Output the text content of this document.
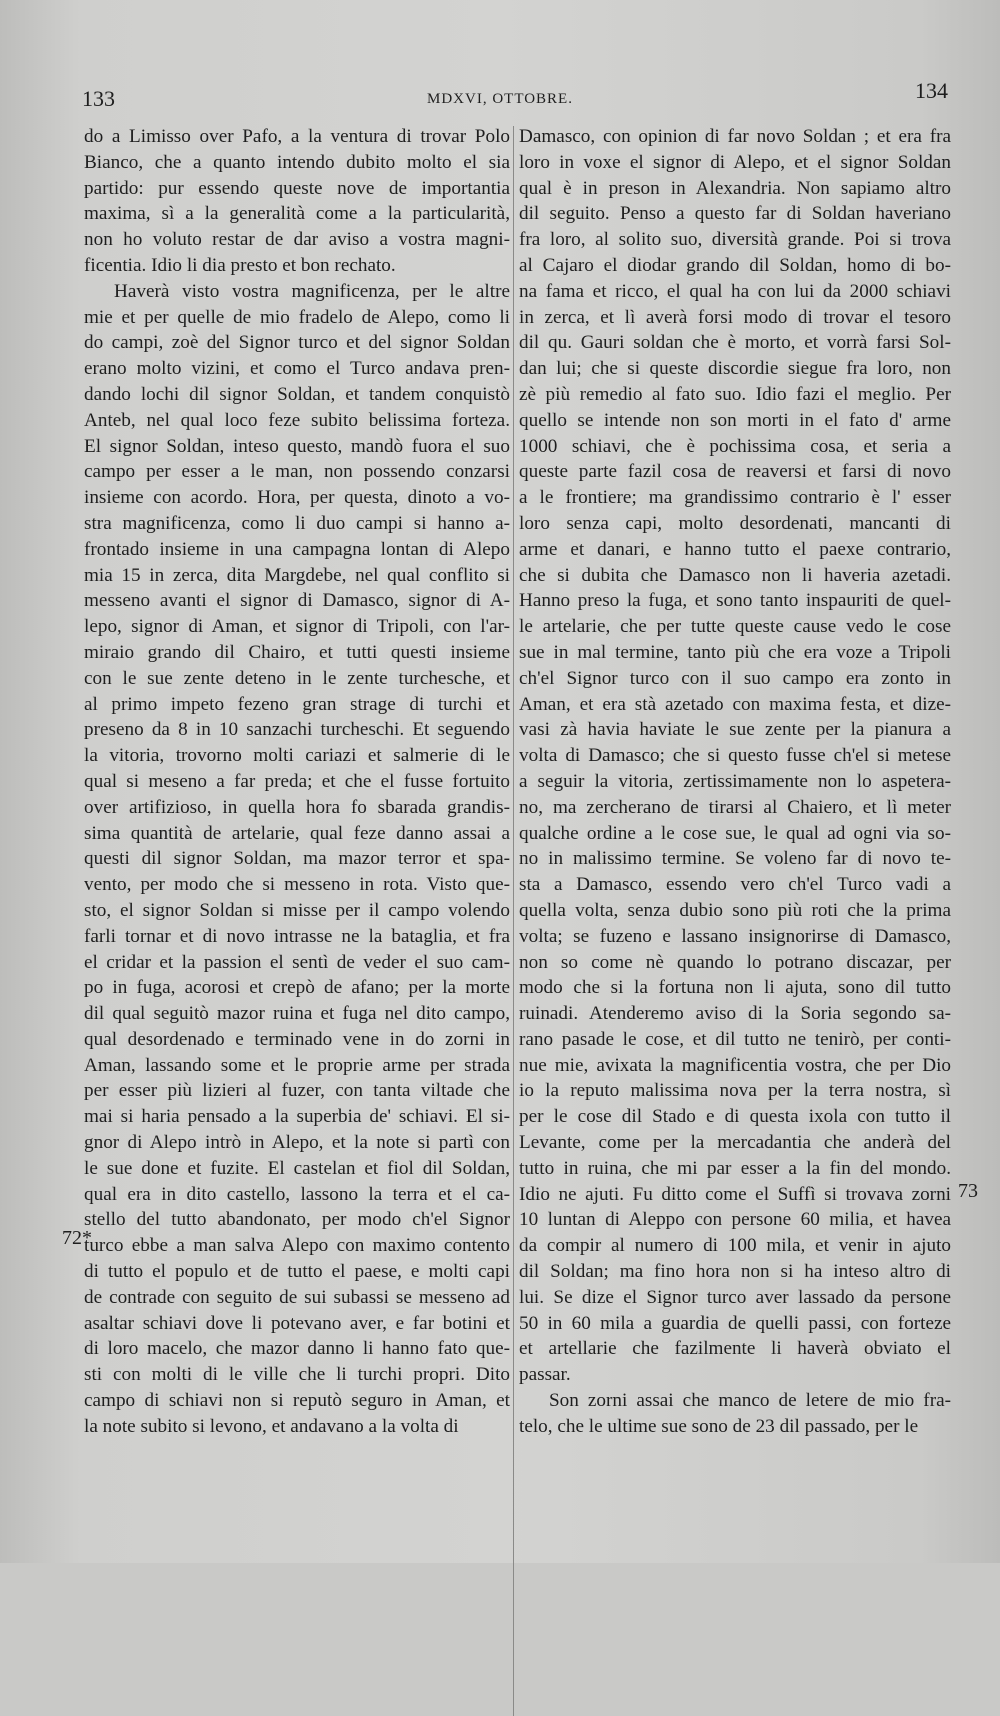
133	MDXVI, OTTOBRE.	134
do a Limisso over Pafo, a la ventura di trovar Polo
Bianco, che a quanto intendo dubito molto el sia
partido: pur essendo queste nove de importantia
maxima, sì a la generalità come a la particularità,
non ho voluto restar de dar aviso a vostra magni-
ficentia. Idio li dia presto et bon rechato.
Haverà visto vostra magnificenza, per le altre
mie et per quelle de mio fradelo de Alepo, como li
do campi, zoè del Signor turco et del signor Soldan
erano molto vizini, et como el Turco andava pren-
dando lochi dil signor Soldan, et tandem conquistò
Anteb, nel qual loco feze subito belissima forteza.
El signor Soldan, inteso questo, mandò fuora el suo
campo per esser a le man, non possendo conzarsi
insieme con acordo. Hora, per questa, dinoto a vo-
stra magnificenza, como li duo campi si hanno a-
frontado insieme in una campagna lontan di Alepo
mia 15 in zerca, dita Margdebe, nel qual conflito si
messeno avanti el signor di Damasco, signor di A-
lepo, signor di Aman, et signor di Tripoli, con l'ar-
miraio grando dil Chairo, et tutti questi insieme
con le sue zente deteno in le zente turchesche, et
al primo impeto fezeno gran strage di turchi et
preseno da 8 in 10 sanzachi turcheschi. Et seguendo
la vitoria, trovorno molti cariazi et salmerie di le
qual si meseno a far preda; et che el fusse fortuito
over artifizioso, in quella hora fo sbarada grandis-
sima quantità de artelarie, qual feze danno assai a
questi dil signor Soldan, ma mazor terror et spa-
vento, per modo che si messeno in rota. Visto que-
sto, el signor Soldan si misse per il campo volendo
farli tornar et di novo intrasse ne la bataglia, et fra
el cridar et la passion el sentì de veder el suo cam-
po in fuga, acorosi et crepò de afano; per la morte
dil qual seguitò mazor ruina et fuga nel dito campo,
qual desordenado e terminado vene in do zorni in
Aman, lassando some et le proprie arme per strada
per esser più lizieri al fuzer, con tanta viltade che
mai si haria pensado a la superbia de' schiavi. El si-
gnor di Alepo intrò in Alepo, et la note si partì con
le sue done et fuzite. El castelan et fiol dil Soldan,
qual era in dito castello, lassono la terra et el ca-
stello del tutto abandonato, per modo ch'el Signor
turco ebbe a man salva Alepo con maximo contento
di tutto el populo et de tutto el paese, e molti capi
de contrade con seguito de sui subassi se messeno ad
asaltar schiavi dove li potevano aver, e far botini et
di loro macelo, che mazor danno li hanno fato que-
sti con molti di le ville che li turchi propri. Dito
campo di schiavi non si reputò seguro in Aman, et
la note subito si levono, et andavano a la volta di
Damasco, con opinion di far novo Soldan ; et era fra
loro in voxe el signor di Alepo, et el signor Soldan
qual è in preson in Alexandria. Non sapiamo altro
dil seguito. Penso a questo far di Soldan haveriano
fra loro, al solito suo, diversità grande. Poi si trova
al Cajaro el diodar grando dil Soldan, homo di bo-
na fama et ricco, el qual ha con lui da 2000 schiavi
in zerca, et lì averà forsi modo di trovar el tesoro
dil qu. Gauri soldan che è morto, et vorrà farsi Sol-
dan lui; che si queste discordie siegue fra loro, non
zè più remedio al fato suo. Idio fazi el meglio. Per
quello se intende non son morti in el fato d' arme
1000 schiavi, che è pochissima cosa, et seria a
queste parte fazil cosa de reaversi et farsi di novo
a le frontiere; ma grandissimo contrario è l' esser
loro senza capi, molto desordenati, mancanti di
arme et danari, e hanno tutto el paexe contrario,
che si dubita che Damasco non li haveria azetadi.
Hanno preso la fuga, et sono tanto inspauriti de quel-
le artelarie, che per tutte queste cause vedo le cose
sue in mal termine, tanto più che era voze a Tripoli
ch'el Signor turco con il suo campo era zonto in
Aman, et era stà azetado con maxima festa, et dize-
vasi zà havia haviate le sue zente per la pianura a
volta di Damasco; che si questo fusse ch'el si metese
a seguir la vitoria, zertissimamente non lo aspetera-
no, ma zercherano de tirarsi al Chaiero, et lì meter
qualche ordine a le cose sue, le qual ad ogni via so-
no in malissimo termine. Se voleno far di novo te-
sta a Damasco, essendo vero ch'el Turco vadi a
quella volta, senza dubio sono più roti che la prima
volta; se fuzeno e lassano insignorirse di Damasco,
non so come nè quando lo potrano discazar, per
modo che si la fortuna non li ajuta, sono dil tutto
ruinadi. Atenderemo aviso di la Soria segondo sa-
rano pasade le cose, et dil tutto ne tenirò, per conti-
nue mie, avixata la magnificentia vostra, che per Dio
io la reputo malissima nova per la terra nostra, sì
per le cose dil Stado e di questa ixola con tutto il
Levante, come per la mercadantia che anderà del
tutto in ruina, che mi par esser a la fin del mondo.
Idio ne ajuti. Fu ditto come el Suffì si trovava zorni
10 luntan di Aleppo con persone 60 milia, et havea
da compir al numero di 100 mila, et venir in ajuto
dil Soldan; ma fino hora non si ha inteso altro di
lui. Se dize el Signor turco aver lassado da persone
50 in 60 mila a guardia de quelli passi, con forteze
et artellarie che fazilmente li haverà obviato el
passar.
Son zorni assai che manco de letere de mio fra-
telo, che le ultime sue sono de 23 dil passado, per le
72*
73
